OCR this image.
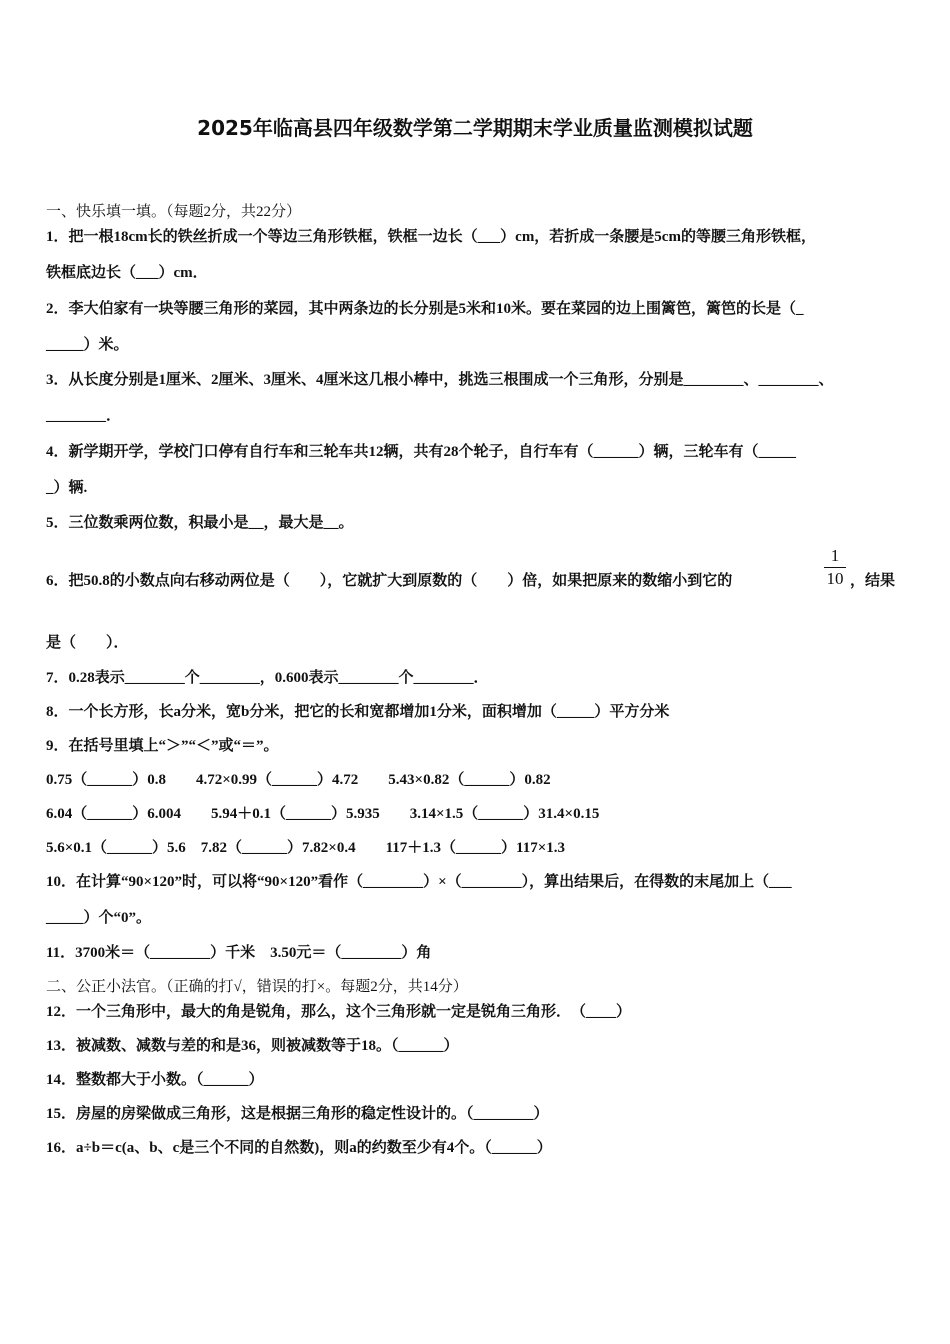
2025年临高县四年级数学第二学期期末学业质量监测模拟试题
一、快乐填一填。（每题2分，共22分）
1．把一根18cm长的铁丝折成一个等边三角形铁框，铁框一边长（___）cm，若折成一条腰是5cm的等腰三角形铁框，
铁框底边长（___）cm．
2．李大伯家有一块等腰三角形的菜园，其中两条边的长分别是5米和10米。要在菜园的边上围篱笆，篱笆的长是（_
_____）米。
3．从长度分别是1厘米、2厘米、3厘米、4厘米这几根小棒中，挑选三根围成一个三角形，分别是________、________、
________．
4．新学期开学，学校门口停有自行车和三轮车共12辆，共有28个轮子，自行车有（______）辆，三轮车有（_____
_）辆.
5．三位数乘两位数，积最小是__，最大是__。
6．把50.8的小数点向右移动两位是（　　），它就扩大到原数的（　　）倍，如果把原来的数缩小到它的
1
10 ，结果
是（　　）．
7．0.28表示________个________，0.600表示________个________．
8．一个长方形，长a分米，宽b分米，把它的长和宽都增加1分米，面积增加（_____）平方分米
9．在括号里填上“＞”“＜”或“＝”。
0.75（______）0.8　　4.72×0.99（______）4.72　　5.43×0.82（______）0.82
6.04（______）6.004　　5.94＋0.1（______）5.935　　3.14×1.5（______）31.4×0.15
5.6×0.1（______）5.6　7.82（______）7.82×0.4　　117＋1.3（______）117×1.3
10．在计算“90×120”时，可以将“90×120”看作（________）×（________），算出结果后，在得数的末尾加上（___
_____）个“0”。
11．3700米＝（________）千米　3.50元＝（________）角
二、公正小法官。（正确的打√，错误的打×。每题2分，共14分）
12．一个三角形中，最大的角是锐角，那么，这个三角形就一定是锐角三角形．　（____）
13．被减数、减数与差的和是36，则被减数等于18。（______）
14．整数都大于小数。（______）
15．房屋的房梁做成三角形，这是根据三角形的稳定性设计的。（________）
16．a÷b＝c(a、b、c是三个不同的自然数)，则a的约数至少有4个。（______）
